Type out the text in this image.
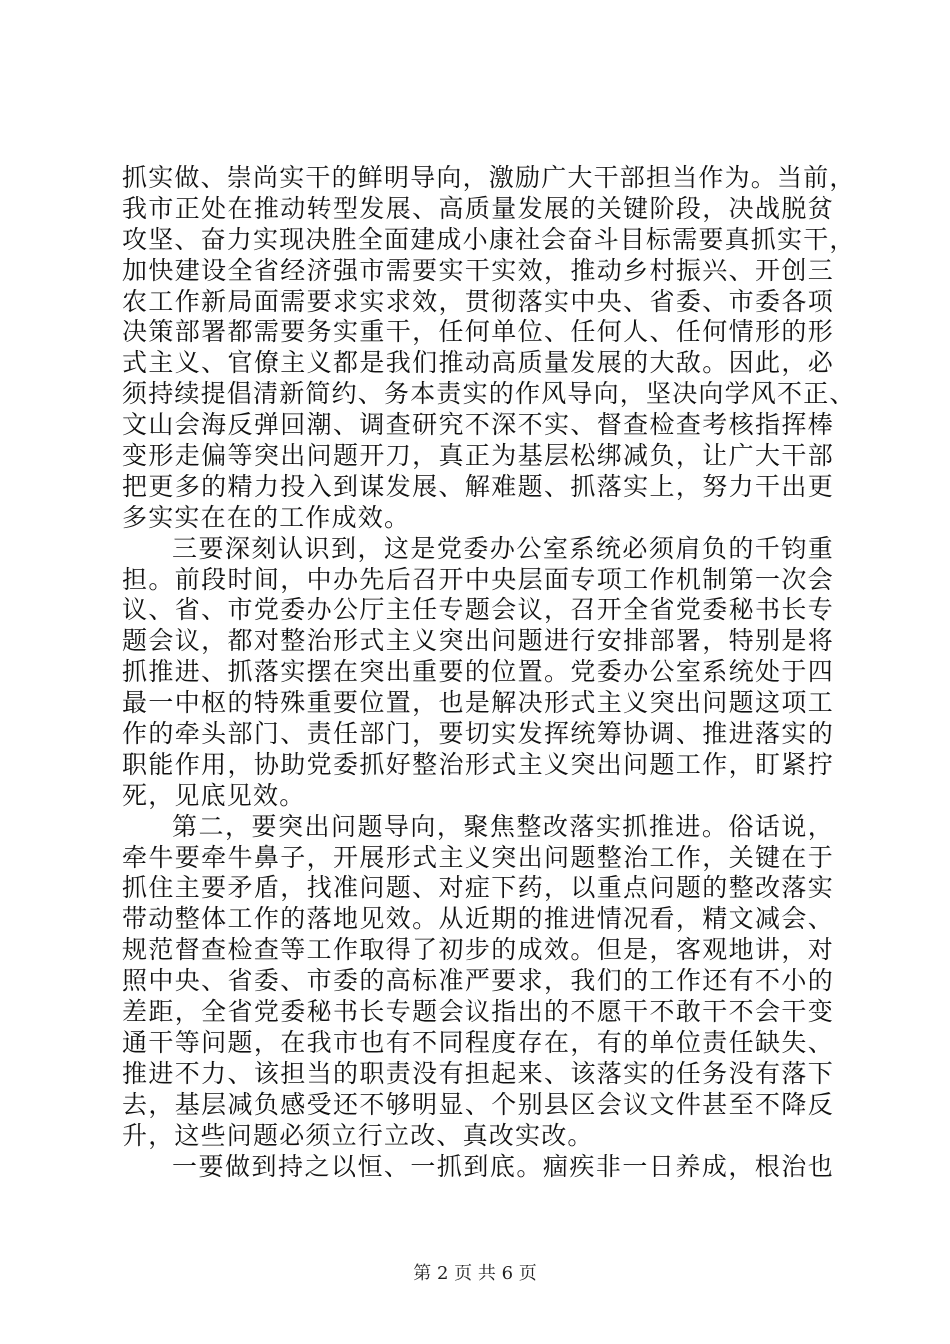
抓实做、崇尚实干的鲜明导向，激励广大干部担当作为。当前，
我市正处在推动转型发展、高质量发展的关键阶段，决战脱贫
攻坚、奋力实现决胜全面建成小康社会奋斗目标需要真抓实干，
加快建设全省经济强市需要实干实效，推动乡村振兴、开创三
农工作新局面需要求实求效，贯彻落实中央、省委、市委各项
决策部署都需要务实重干，任何单位、任何人、任何情形的形
式主义、官僚主义都是我们推动高质量发展的大敌。因此，必
须持续提倡清新简约、务本责实的作风导向，坚决向学风不正、
文山会海反弹回潮、调查研究不深不实、督查检查考核指挥棒
变形走偏等突出问题开刀，真正为基层松绑减负，让广大干部
把更多的精力投入到谋发展、解难题、抓落实上，努力干出更
多实实在在的工作成效。
三要深刻认识到，这是党委办公室系统必须肩负的千钧重
担。前段时间，中办先后召开中央层面专项工作机制第一次会
议、省、市党委办公厅主任专题会议，召开全省党委秘书长专
题会议，都对整治形式主义突出问题进行安排部署，特别是将
抓推进、抓落实摆在突出重要的位置。党委办公室系统处于四
最一中枢的特殊重要位置，也是解决形式主义突出问题这项工
作的牵头部门、责任部门，要切实发挥统筹协调、推进落实的
职能作用，协助党委抓好整治形式主义突出问题工作，盯紧拧
死，见底见效。
第二，要突出问题导向，聚焦整改落实抓推进。俗话说，
牵牛要牵牛鼻子，开展形式主义突出问题整治工作，关键在于
抓住主要矛盾，找准问题、对症下药，以重点问题的整改落实
带动整体工作的落地见效。从近期的推进情况看，精文减会、
规范督查检查等工作取得了初步的成效。但是，客观地讲，对
照中央、省委、市委的高标准严要求，我们的工作还有不小的
差距，全省党委秘书长专题会议指出的不愿干不敢干不会干变
通干等问题，在我市也有不同程度存在，有的单位责任缺失、
推进不力、该担当的职责没有担起来、该落实的任务没有落下
去，基层减负感受还不够明显、个别县区会议文件甚至不降反
升，这些问题必须立行立改、真改实改。
一要做到持之以恒、一抓到底。痼疾非一日养成，根治也
第 2 页 共 6 页
